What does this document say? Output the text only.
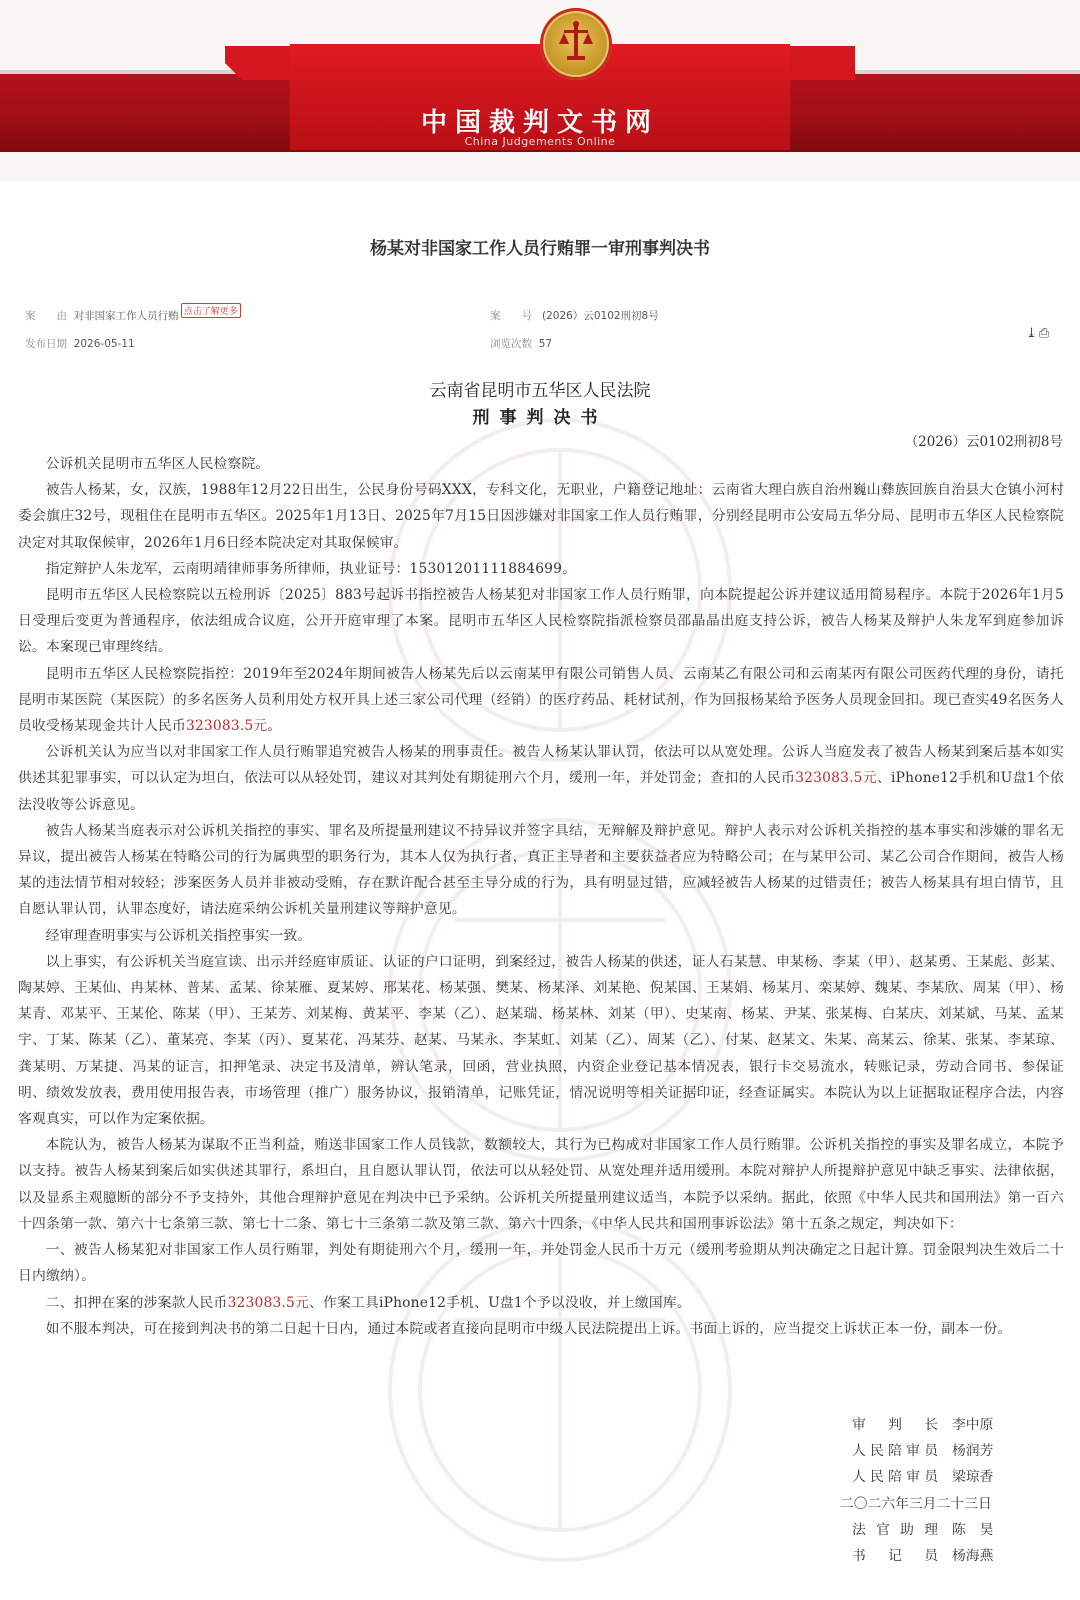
中国裁判文书网
China Judgements Online
杨某对非国家工作人员行贿罪一审刑事判决书
案　　由 对非国家工作人员行贿 点击了解更多	案　　号 (2026）云0102刑初8号
发布日期 2026-05-11	浏览次数 57
⤓⎙
云南省昆明市五华区人民法院
刑事判决书
（2026）云0102刑初8号

公诉机关昆明市五华区人民检察院。

被告人杨某，女，汉族，1988年12月22日出生，公民身份号码XXX，专科文化，无职业，户籍登记地址：云南省大理白族自治州巍山彝族回族自治县大仓镇小河村委会旗庄32号，现租住在昆明市五华区。2025年1月13日、2025年7月15日因涉嫌对非国家工作人员行贿罪，分别经昆明市公安局五华分局、昆明市五华区人民检察院决定对其取保候审，2026年1月6日经本院决定对其取保候审。

指定辩护人朱龙军，云南明靖律师事务所律师，执业证号：15301201111884699。

昆明市五华区人民检察院以五检刑诉〔2025〕883号起诉书指控被告人杨某犯对非国家工作人员行贿罪，向本院提起公诉并建议适用简易程序。本院于2026年1月5日受理后变更为普通程序，依法组成合议庭，公开开庭审理了本案。昆明市五华区人民检察院指派检察员邵晶晶出庭支持公诉，被告人杨某及辩护人朱龙军到庭参加诉讼。本案现已审理终结。

昆明市五华区人民检察院指控：2019年至2024年期间被告人杨某先后以云南某甲有限公司销售人员、云南某乙有限公司和云南某丙有限公司医药代理的身份，请托昆明市某医院（某医院）的多名医务人员利用处方权开具上述三家公司代理（经销）的医疗药品、耗材试剂，作为回报杨某给予医务人员现金回扣。现已查实49名医务人员收受杨某现金共计人民币323083.5元。

公诉机关认为应当以对非国家工作人员行贿罪追究被告人杨某的刑事责任。被告人杨某认罪认罚，依法可以从宽处理。公诉人当庭发表了被告人杨某到案后基本如实供述其犯罪事实，可以认定为坦白，依法可以从轻处罚，建议对其判处有期徒刑六个月，缓刑一年，并处罚金；查扣的人民币323083.5元、iPhone12手机和U盘1个依法没收等公诉意见。

被告人杨某当庭表示对公诉机关指控的事实、罪名及所提量刑建议不持异议并签字具结，无辩解及辩护意见。辩护人表示对公诉机关指控的基本事实和涉嫌的罪名无异议，提出被告人杨某在特略公司的行为属典型的职务行为，其本人仅为执行者，真正主导者和主要获益者应为特略公司；在与某甲公司、某乙公司合作期间，被告人杨某的违法情节相对较轻；涉案医务人员并非被动受贿，存在默许配合甚至主导分成的行为，具有明显过错，应减轻被告人杨某的过错责任；被告人杨某具有坦白情节，且自愿认罪认罚，认罪态度好，请法庭采纳公诉机关量刑建议等辩护意见。

经审理查明事实与公诉机关指控事实一致。

以上事实，有公诉机关当庭宣读、出示并经庭审质证、认证的户口证明，到案经过，被告人杨某的供述，证人石某慧、申某杨、李某（甲）、赵某勇、王某彪、彭某、陶某婷、王某仙、冉某林、普某、孟某、徐某雁、夏某婷、邢某花、杨某强、樊某、杨某泽、刘某艳、倪某国、王某娟、杨某月、栾某婷、魏某、李某欣、周某（甲）、杨某青、邓某平、王某伦、陈某（甲）、王某芳、刘某梅、黄某平、李某（乙）、赵某瑞、杨某林、刘某（甲）、史某南、杨某、尹某、张某梅、白某庆、刘某斌、马某、孟某宇、丁某、陈某（乙）、董某亮、李某（丙）、夏某花、冯某芬、赵某、马某永、李某虹、刘某（乙）、周某（乙）、付某、赵某文、朱某、高某云、徐某、张某、李某琼、龚某明、万某捷、冯某的证言，扣押笔录、决定书及清单，辨认笔录，回函，营业执照，内资企业登记基本情况表，银行卡交易流水，转账记录，劳动合同书、参保证明、绩效发放表，费用使用报告表，市场管理（推广）服务协议，报销清单，记账凭证，情况说明等相关证据印证，经查证属实。本院认为以上证据取证程序合法，内容客观真实，可以作为定案依据。

本院认为，被告人杨某为谋取不正当利益，贿送非国家工作人员钱款，数额较大，其行为已构成对非国家工作人员行贿罪。公诉机关指控的事实及罪名成立，本院予以支持。被告人杨某到案后如实供述其罪行，系坦白，且自愿认罪认罚，依法可以从轻处罚、从宽处理并适用缓刑。本院对辩护人所提辩护意见中缺乏事实、法律依据，以及显系主观臆断的部分不予支持外，其他合理辩护意见在判决中已予采纳。公诉机关所提量刑建议适当，本院予以采纳。据此，依照《中华人民共和国刑法》第一百六十四条第一款、第六十七条第三款、第七十二条、第七十三条第二款及第三款、第六十四条，《中华人民共和国刑事诉讼法》第十五条之规定，判决如下：

一、被告人杨某犯对非国家工作人员行贿罪，判处有期徒刑六个月，缓刑一年，并处罚金人民币十万元（缓刑考验期从判决确定之日起计算。罚金限判决生效后二十日内缴纳）。

二、扣押在案的涉案款人民币323083.5元、作案工具iPhone12手机、U盘1个予以没收，并上缴国库。

如不服本判决，可在接到判决书的第二日起十日内，通过本院或者直接向昆明市中级人民法院提出上诉。书面上诉的，应当提交上诉状正本一份，副本一份。

审判长	李中原
人民陪审员	杨润芳
人民陪审员	梁琼香
二〇二六年三月二十三日
法官助理	陈　昊
书记员	杨海燕
